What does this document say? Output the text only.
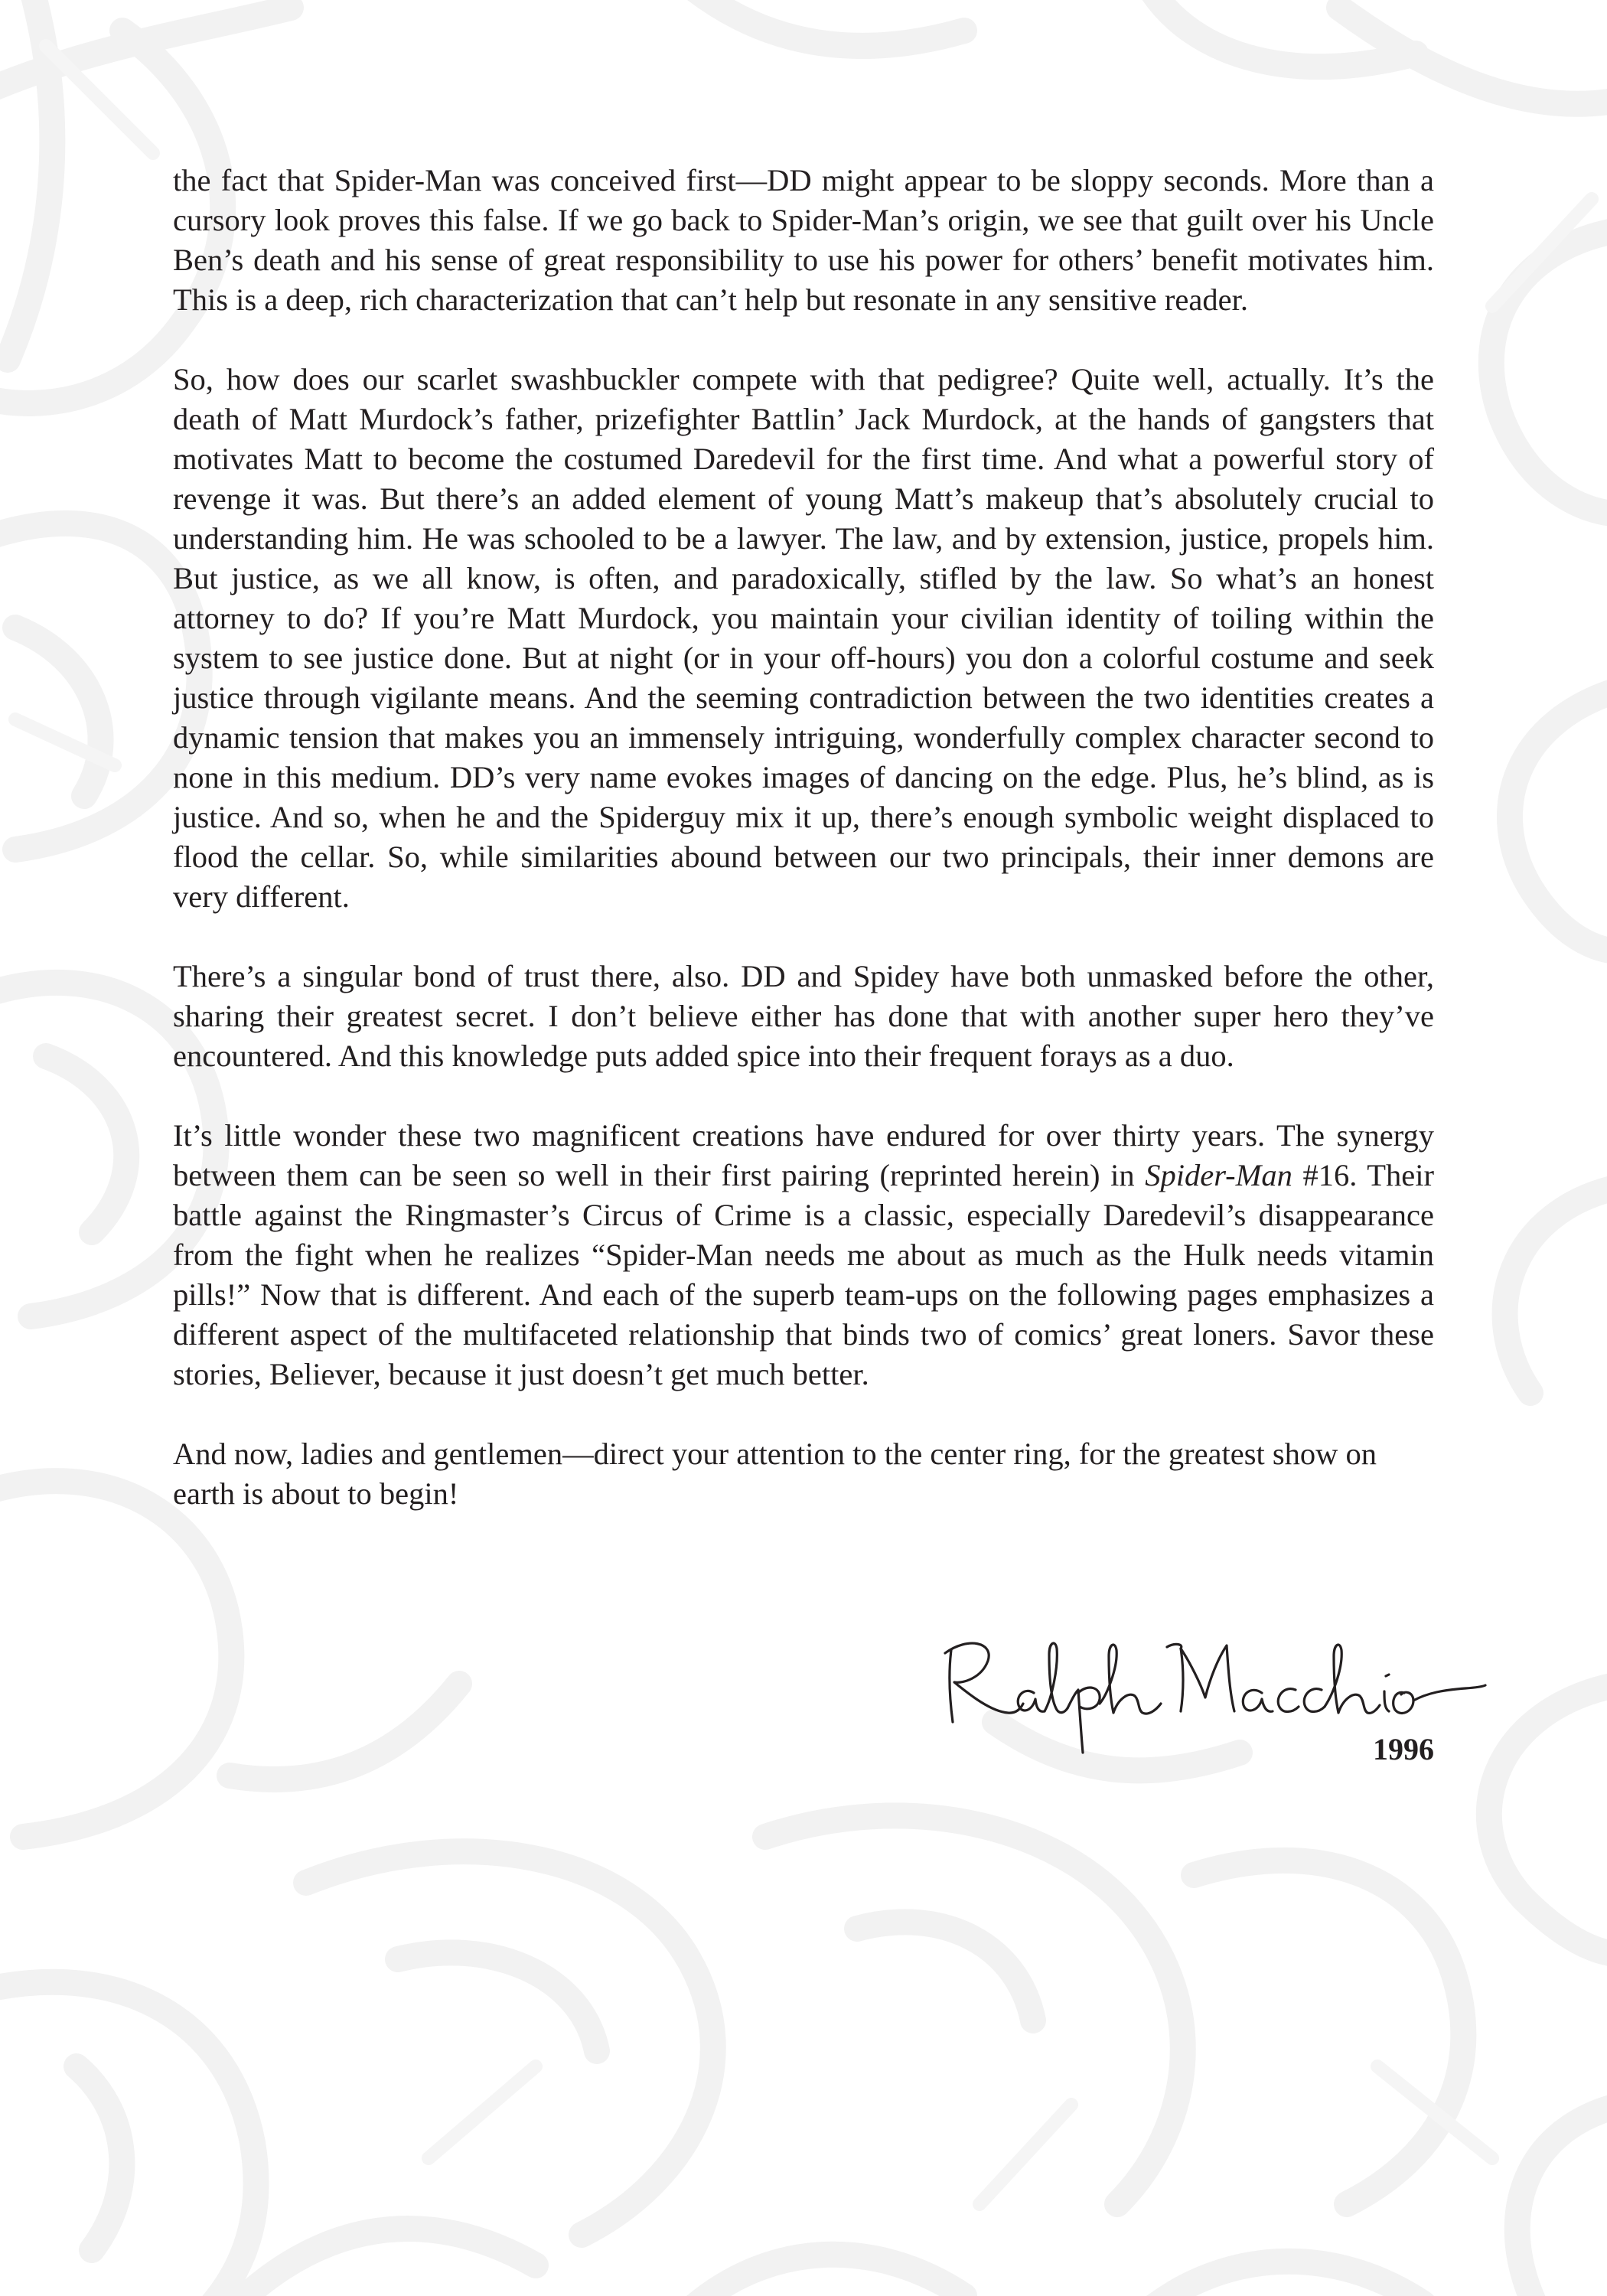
the fact that Spider-Man was conceived first—DD might appear to be sloppy seconds. More than a cursory look proves this false. If we go back to Spider-Man’s origin, we see that guilt over his Uncle Ben’s death and his sense of great responsibility to use his power for others’ benefit motivates him. This is a deep, rich characterization that can’t help but resonate in any sensitive reader.

So, how does our scarlet swashbuckler compete with that pedigree? Quite well, actually. It’s the death of Matt Murdock’s father, prizefighter Battlin’ Jack Murdock, at the hands of gangsters that motivates Matt to become the costumed Daredevil for the first time. And what a powerful story of revenge it was. But there’s an added element of young Matt’s makeup that’s absolutely crucial to understanding him. He was schooled to be a lawyer. The law, and by extension, justice, propels him. But justice, as we all know, is often, and paradoxically, stifled by the law. So what’s an honest attorney to do? If you’re Matt Murdock, you maintain your civilian identity of toiling within the system to see justice done. But at night (or in your off-hours) you don a colorful costume and seek justice through vigilante means. And the seeming contradiction between the two identities creates a dynamic tension that makes you an immensely intriguing, wonderfully complex character second to none in this medium. DD’s very name evokes images of dancing on the edge. Plus, he’s blind, as is justice. And so, when he and the Spiderguy mix it up, there’s enough symbolic weight displaced to flood the cellar. So, while similarities abound between our two principals, their inner demons are very different.

There’s a singular bond of trust there, also. DD and Spidey have both unmasked before the other, sharing their greatest secret. I don’t believe either has done that with another super hero they’ve encountered. And this knowledge puts added spice into their frequent forays as a duo.

It’s little wonder these two magnificent creations have endured for over thirty years. The synergy between them can be seen so well in their first pairing (reprinted herein) in Spider-Man #16. Their battle against the Ringmaster’s Circus of Crime is a classic, especially Daredevil’s disappearance from the fight when he realizes “Spider-Man needs me about as much as the Hulk needs vitamin pills!” Now that is different. And each of the superb team-ups on the following pages emphasizes a different aspect of the multifaceted relationship that binds two of comics’ great loners. Savor these stories, Believer, because it just doesn’t get much better.

And now, ladies and gentlemen—direct your attention to the center ring, for the greatest show on earth is about to begin!

1996
